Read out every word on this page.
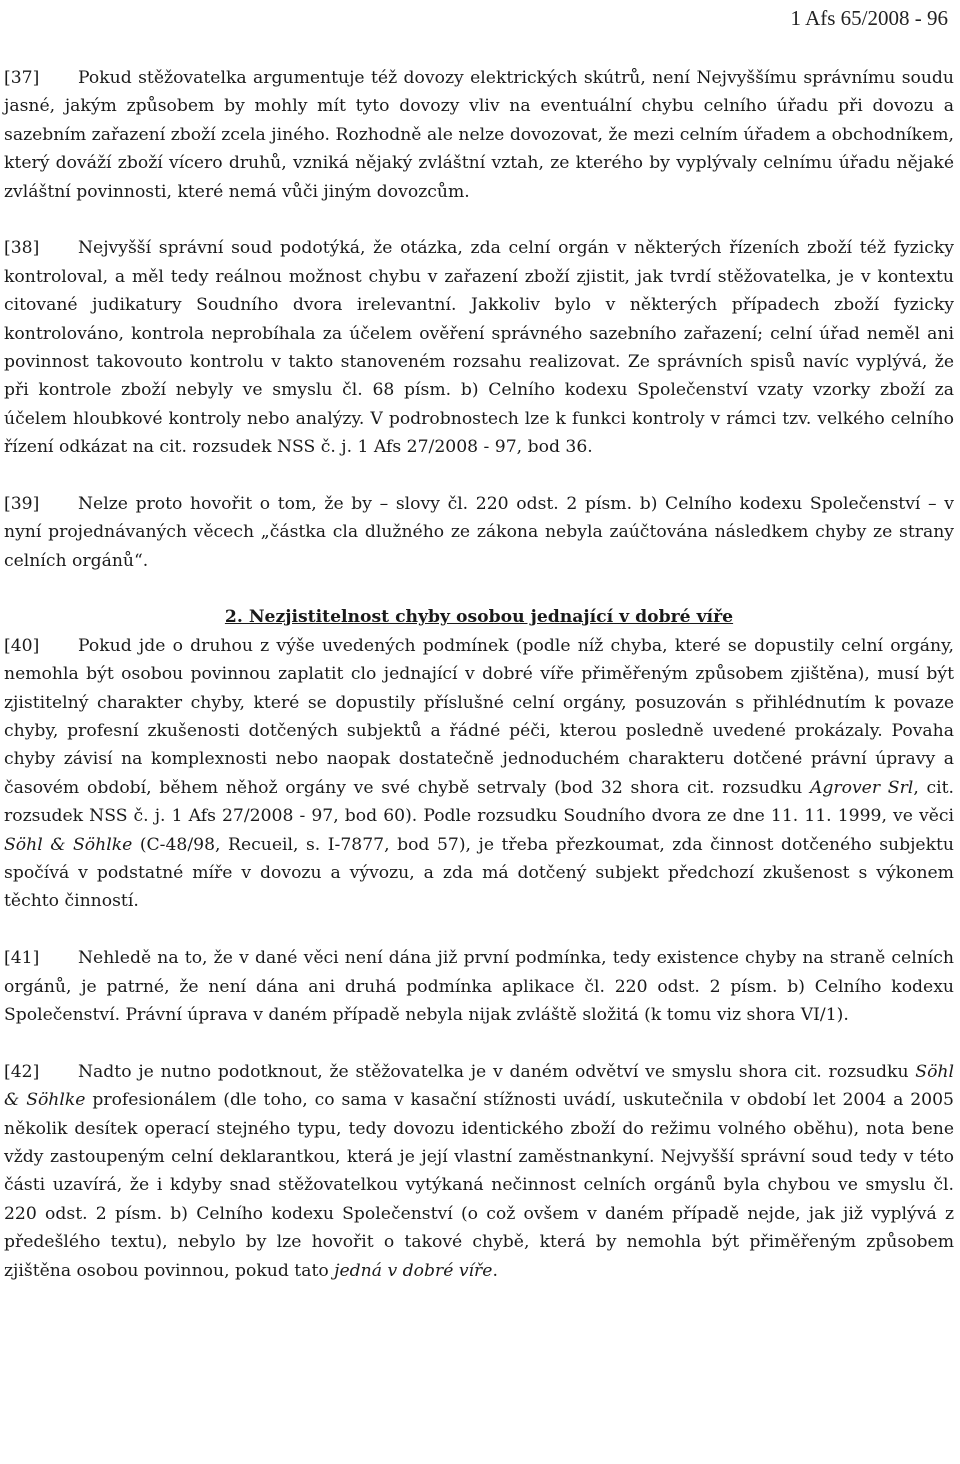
1 Afs 65/2008 - 96

[37] Pokud stěžovatelka argumentuje též dovozy elektrických skútrů, není Nejvyššímu správnímu soudu jasné, jakým způsobem by mohly mít tyto dovozy vliv na eventuální chybu celního úřadu při dovozu a sazebním zařazení zboží zcela jiného. Rozhodně ale nelze dovozovat, že mezi celním úřadem a obchodníkem, který dováží zboží vícero druhů, vzniká nějaký zvláštní vztah, ze kterého by vyplývaly celnímu úřadu nějaké zvláštní povinnosti, které nemá vůči jiným dovozcům.

[38] Nejvyšší správní soud podotýká, že otázka, zda celní orgán v některých řízeních zboží též fyzicky kontroloval, a měl tedy reálnou možnost chybu v zařazení zboží zjistit, jak tvrdí stěžovatelka, je v kontextu citované judikatury Soudního dvora irelevantní. Jakkoliv bylo v některých případech zboží fyzicky kontrolováno, kontrola neprobíhala za účelem ověření správného sazebního zařazení; celní úřad neměl ani povinnost takovouto kontrolu v takto stanoveném rozsahu realizovat. Ze správních spisů navíc vyplývá, že při kontrole zboží nebyly ve smyslu čl. 68 písm. b) Celního kodexu Společenství vzaty vzorky zboží za účelem hloubkové kontroly nebo analýzy. V podrobnostech lze k funkci kontroly v rámci tzv. velkého celního řízení odkázat na cit. rozsudek NSS č. j. 1 Afs 27/2008 - 97, bod 36.

[39] Nelze proto hovořit o tom, že by – slovy čl. 220 odst. 2 písm. b) Celního kodexu Společenství – v nyní projednávaných věcech „částka cla dlužného ze zákona nebyla zaúčtována následkem chyby ze strany celních orgánů“.

2. Nezjistitelnost chyby osobou jednající v dobré víře

[40] Pokud jde o druhou z výše uvedených podmínek (podle níž chyba, které se dopustily celní orgány, nemohla být osobou povinnou zaplatit clo jednající v dobré víře přiměřeným způsobem zjištěna), musí být zjistitelný charakter chyby, které se dopustily příslušné celní orgány, posuzován s přihlédnutím k povaze chyby, profesní zkušenosti dotčených subjektů a řádné péči, kterou posledně uvedené prokázaly. Povaha chyby závisí na komplexnosti nebo naopak dostatečně jednoduchém charakteru dotčené právní úpravy a časovém období, během něhož orgány ve své chybě setrvaly (bod 32 shora cit. rozsudku Agrover Srl, cit. rozsudek NSS č. j. 1 Afs 27/2008 - 97, bod 60). Podle rozsudku Soudního dvora ze dne 11. 11. 1999, ve věci Söhl & Söhlke (C-48/98, Recueil, s. I-7877, bod 57), je třeba přezkoumat, zda činnost dotčeného subjektu spočívá v podstatné míře v dovozu a vývozu, a zda má dotčený subjekt předchozí zkušenost s výkonem těchto činností.

[41] Nehledě na to, že v dané věci není dána již první podmínka, tedy existence chyby na straně celních orgánů, je patrné, že není dána ani druhá podmínka aplikace čl. 220 odst. 2 písm. b) Celního kodexu Společenství. Právní úprava v daném případě nebyla nijak zvláště složitá (k tomu viz shora VI/1).

[42] Nadto je nutno podotknout, že stěžovatelka je v daném odvětví ve smyslu shora cit. rozsudku Söhl & Söhlke profesionálem (dle toho, co sama v kasační stížnosti uvádí, uskutečnila v období let 2004 a 2005 několik desítek operací stejného typu, tedy dovozu identického zboží do režimu volného oběhu), nota bene vždy zastoupeným celní deklarantkou, která je její vlastní zaměstnankyní. Nejvyšší správní soud tedy v této části uzavírá, že i kdyby snad stěžovatelkou vytýkaná nečinnost celních orgánů byla chybou ve smyslu čl. 220 odst. 2 písm. b) Celního kodexu Společenství (o což ovšem v daném případě nejde, jak již vyplývá z předešlého textu), nebylo by lze hovořit o takové chybě, která by nemohla být přiměřeným způsobem zjištěna osobou povinnou, pokud tato jedná v dobré víře.
